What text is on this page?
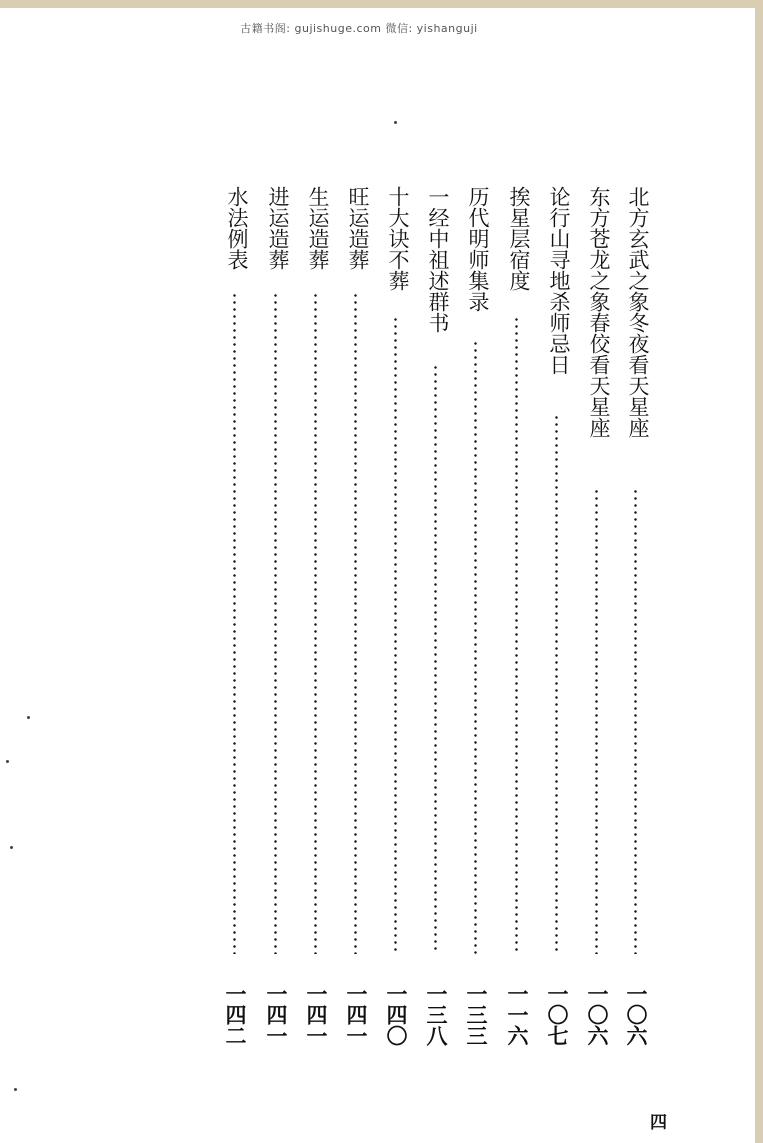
古籍书阁: gujishuge.com 微信: yishanguji
北方玄武之象冬夜看天星座
一〇六
东方苍龙之象春佼看天星座
一〇六
论行山寻地杀师忌日
一〇七
挨星层宿度
一一六
历代明师集录
一三三
一经中祖述群书
一三八
十大诀不葬
一四〇
旺运造葬
一四一
生运造葬
一四一
进运造葬
一四一
水法例表
一四二
四
